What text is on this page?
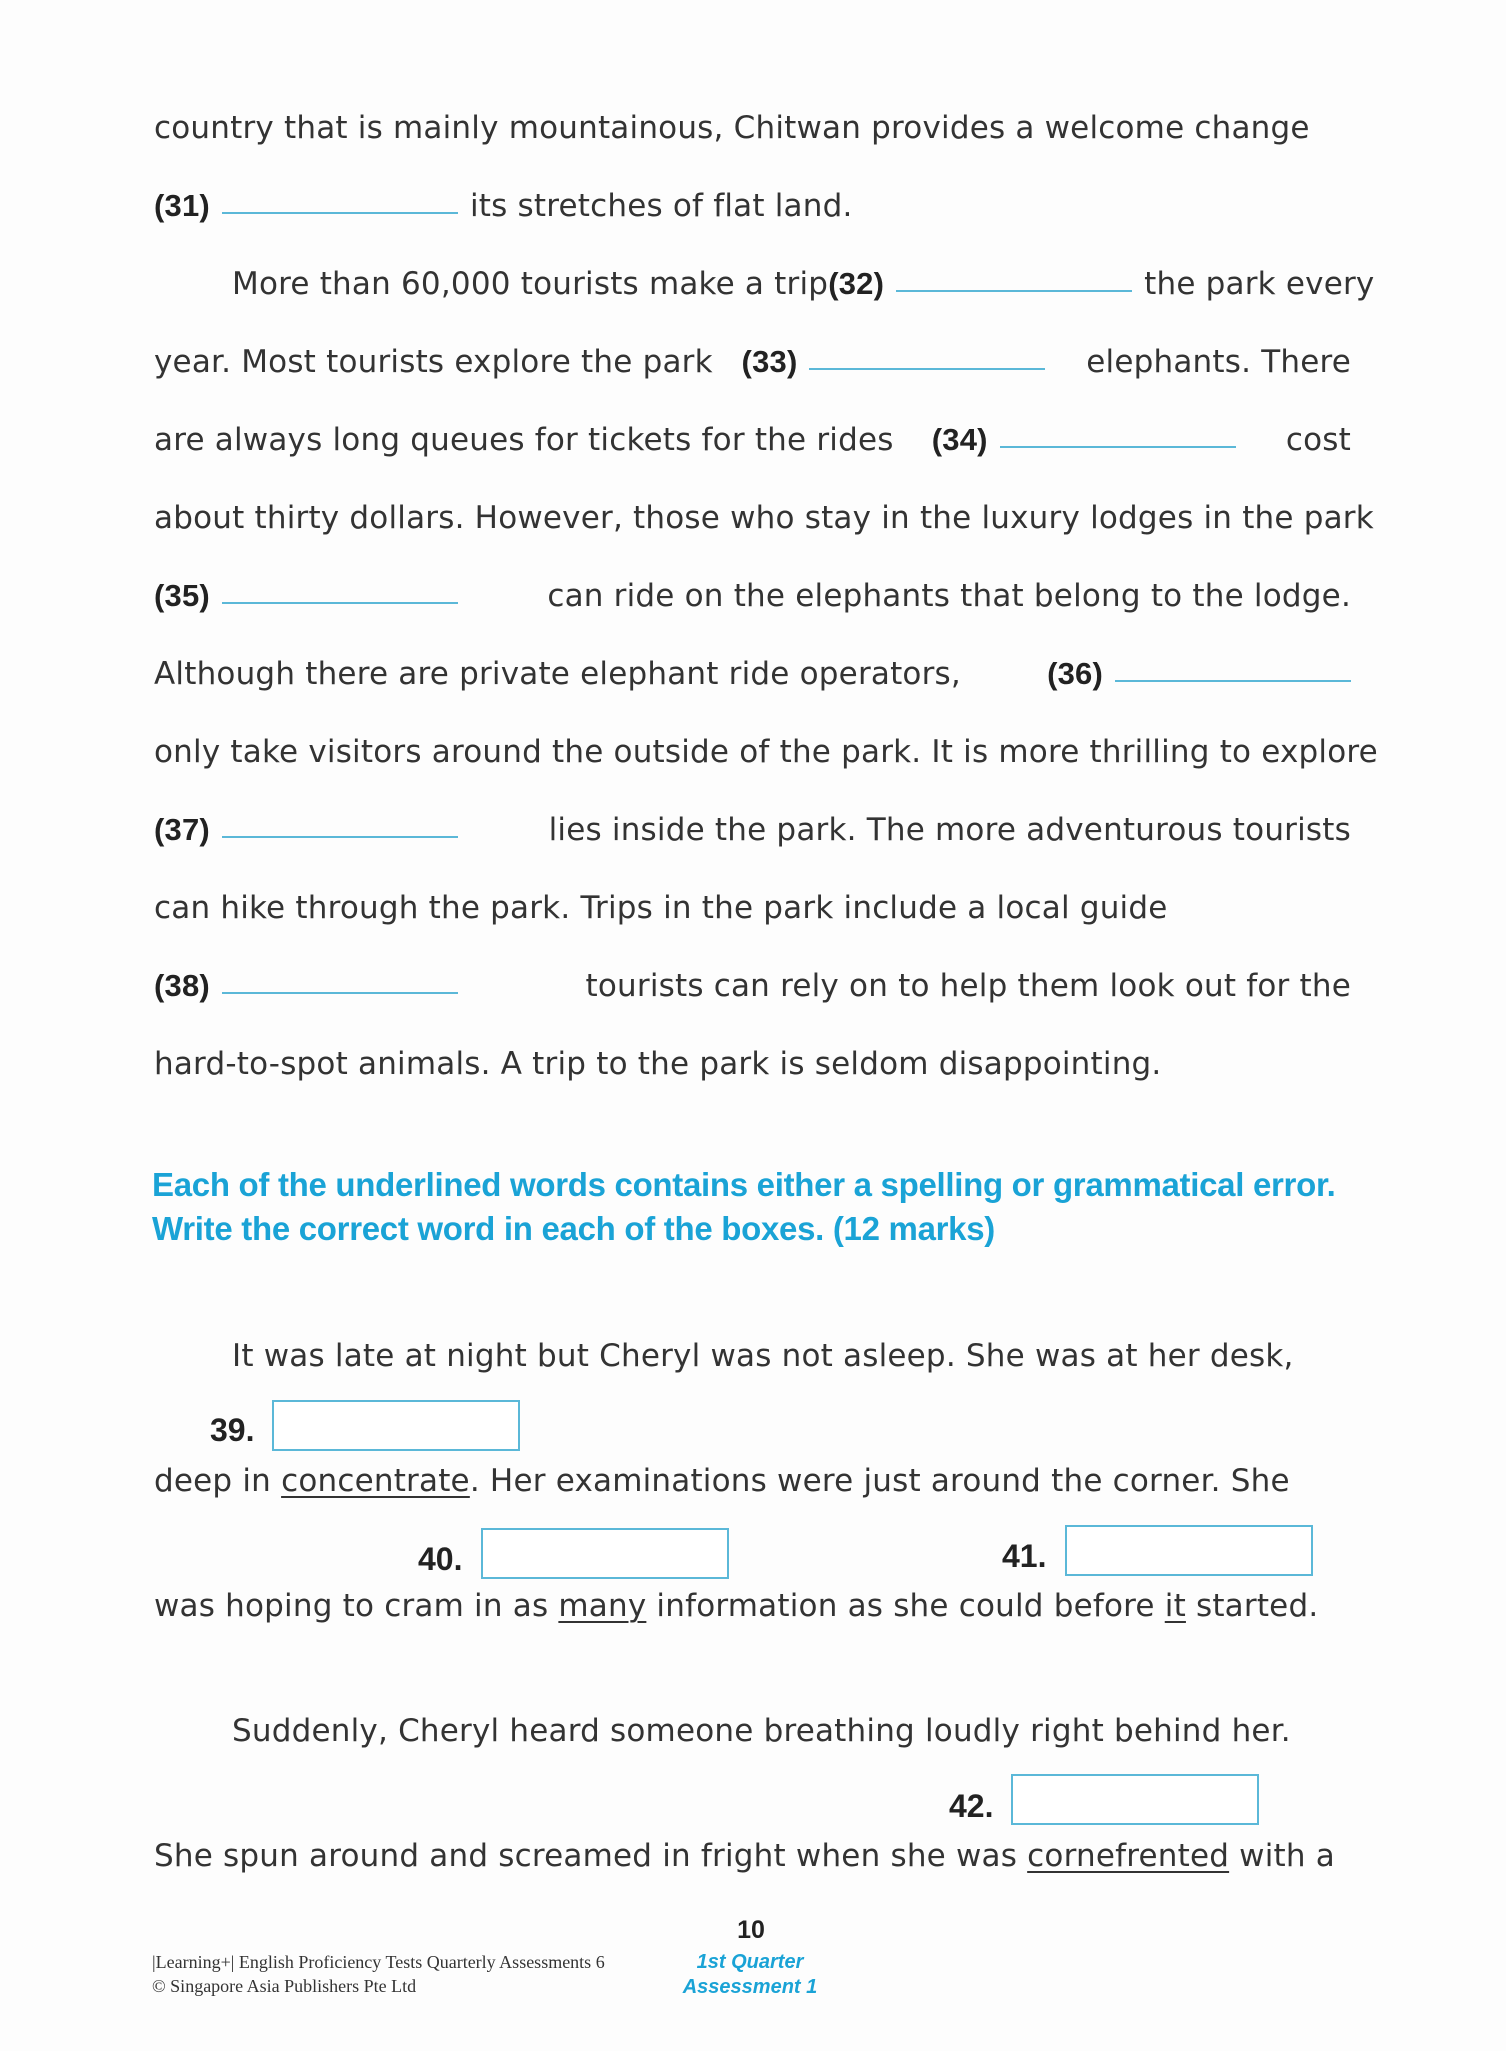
country that is mainly mountainous, Chitwan provides a welcome change
(31)	its stretches of flat land.
More than 60,000 tourists make a trip (32)	the park every
year. Most tourists explore the park (33)	elephants. There
are always long queues for tickets for the rides (34)	cost
about thirty dollars. However, those who stay in the luxury lodges in the park
(35)	can ride on the elephants that belong to the lodge.
Although there are private elephant ride operators,	(36)
only take visitors around the outside of the park. It is more thrilling to explore
(37)	lies inside the park. The more adventurous tourists
can hike through the park. Trips in the park include a local guide
(38)	tourists can rely on to help them look out for the
hard-to-spot animals. A trip to the park is seldom disappointing.
Each of the underlined words contains either a spelling or grammatical error. Write the correct word in each of the boxes. (12 marks)
It was late at night but Cheryl was not asleep. She was at her desk,
39.
deep in concentrate . Her examinations were just around the corner. She
40.	41.
was hoping to cram in as many information as she could before it started.
Suddenly, Cheryl heard someone breathing loudly right behind her.
42.
She spun around and screamed in fright when she was cornefrented with a
|Learning+| English Proficiency Tests Quarterly Assessments 6
© Singapore Asia Publishers Pte Ltd
10
1st Quarter
Assessment 1
